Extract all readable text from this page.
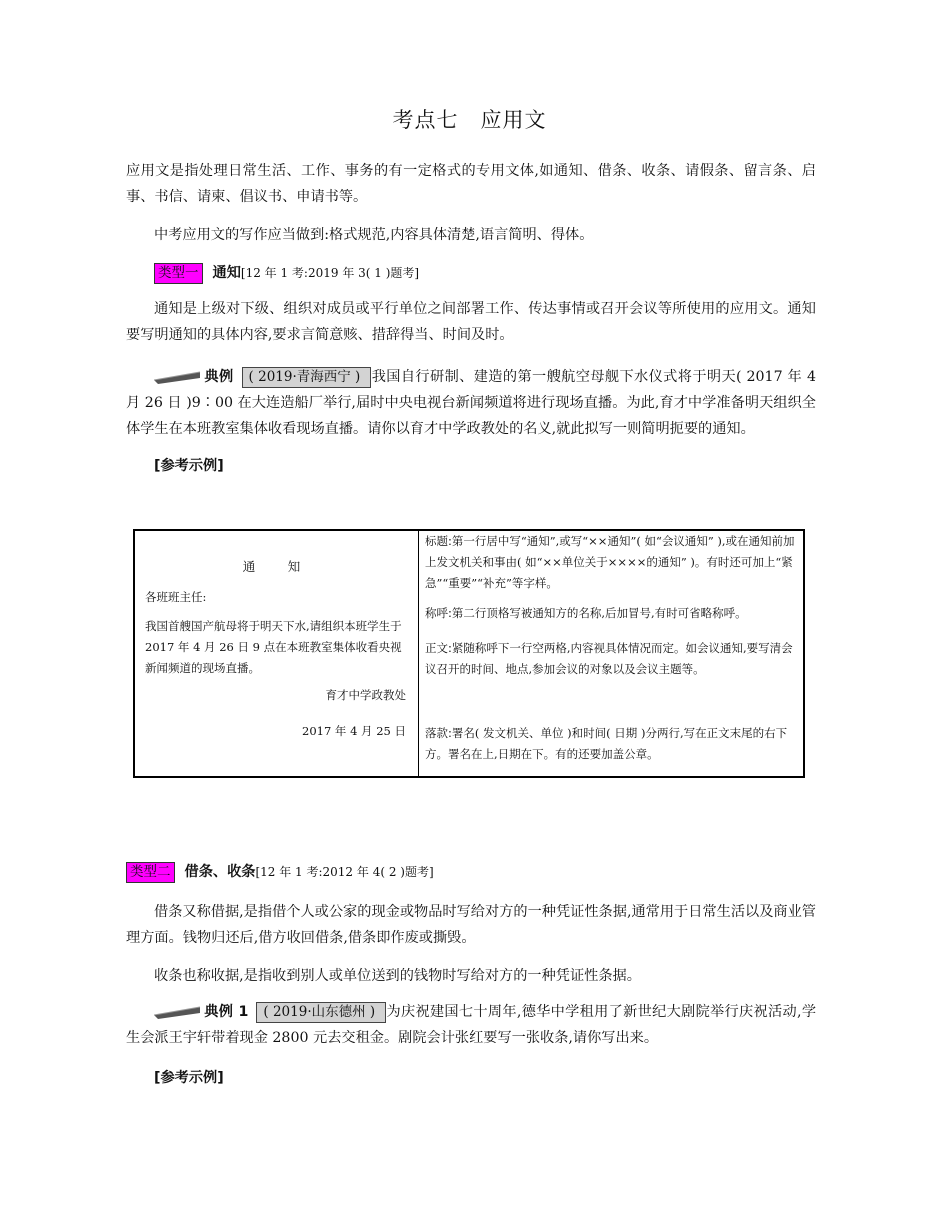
考点七　应用文

应用文是指处理日常生活、工作、事务的有一定格式的专用文体,如通知、借条、收条、请假条、留言条、启事、书信、请柬、倡议书、申请书等。

中考应用文的写作应当做到:格式规范,内容具体清楚,语言简明、得体。

类型一 通知[12 年 1 考:2019 年 3( 1 )题考]

通知是上级对下级、组织对成员或平行单位之间部署工作、传达事情或召开会议等所使用的应用文。通知要写明通知的具体内容,要求言简意赅、措辞得当、时间及时。

典例 ( 2019·青海西宁 ) 我国自行研制、建造的第一艘航空母舰下水仪式将于明天( 2017 年 4 月 26 日 )9∶00 在大连造船厂举行,届时中央电视台新闻频道将进行现场直播。为此,育才中学准备明天组织全体学生在本班教室集体收看现场直播。请你以育才中学政教处的名义,就此拟写一则简明扼要的通知。

[参考示例]
通　知
各班班主任:

我国首艘国产航母将于明天下水,请组织本班学生于 2017 年 4 月 26 日 9 点在本班教室集体收看央视新闻频道的现场直播。

育才中学政教处
2017 年 4 月 25 日

标题:第一行居中写“通知”,或写“××通知”( 如“会议通知” ),或在通知前加上发文机关和事由( 如“××单位关于××××的通知” )。有时还可加上“紧急”“重要”“补充”等字样。

称呼:第二行顶格写被通知方的名称,后加冒号,有时可省略称呼。

正文:紧随称呼下一行空两格,内容视具体情况而定。如会议通知,要写清会议召开的时间、地点,参加会议的对象以及会议主题等。

落款:署名( 发文机关、单位 )和时间( 日期 )分两行,写在正文末尾的右下方。署名在上,日期在下。有的还要加盖公章。

类型二 借条、收条[12 年 1 考:2012 年 4( 2 )题考]

借条又称借据,是指借个人或公家的现金或物品时写给对方的一种凭证性条据,通常用于日常生活以及商业管理方面。钱物归还后,借方收回借条,借条即作废或撕毁。

收条也称收据,是指收到别人或单位送到的钱物时写给对方的一种凭证性条据。

典例 1 ( 2019·山东德州 ) 为庆祝建国七十周年,德华中学租用了新世纪大剧院举行庆祝活动,学生会派王宇轩带着现金 2800 元去交租金。剧院会计张红要写一张收条,请你写出来。

[参考示例]
